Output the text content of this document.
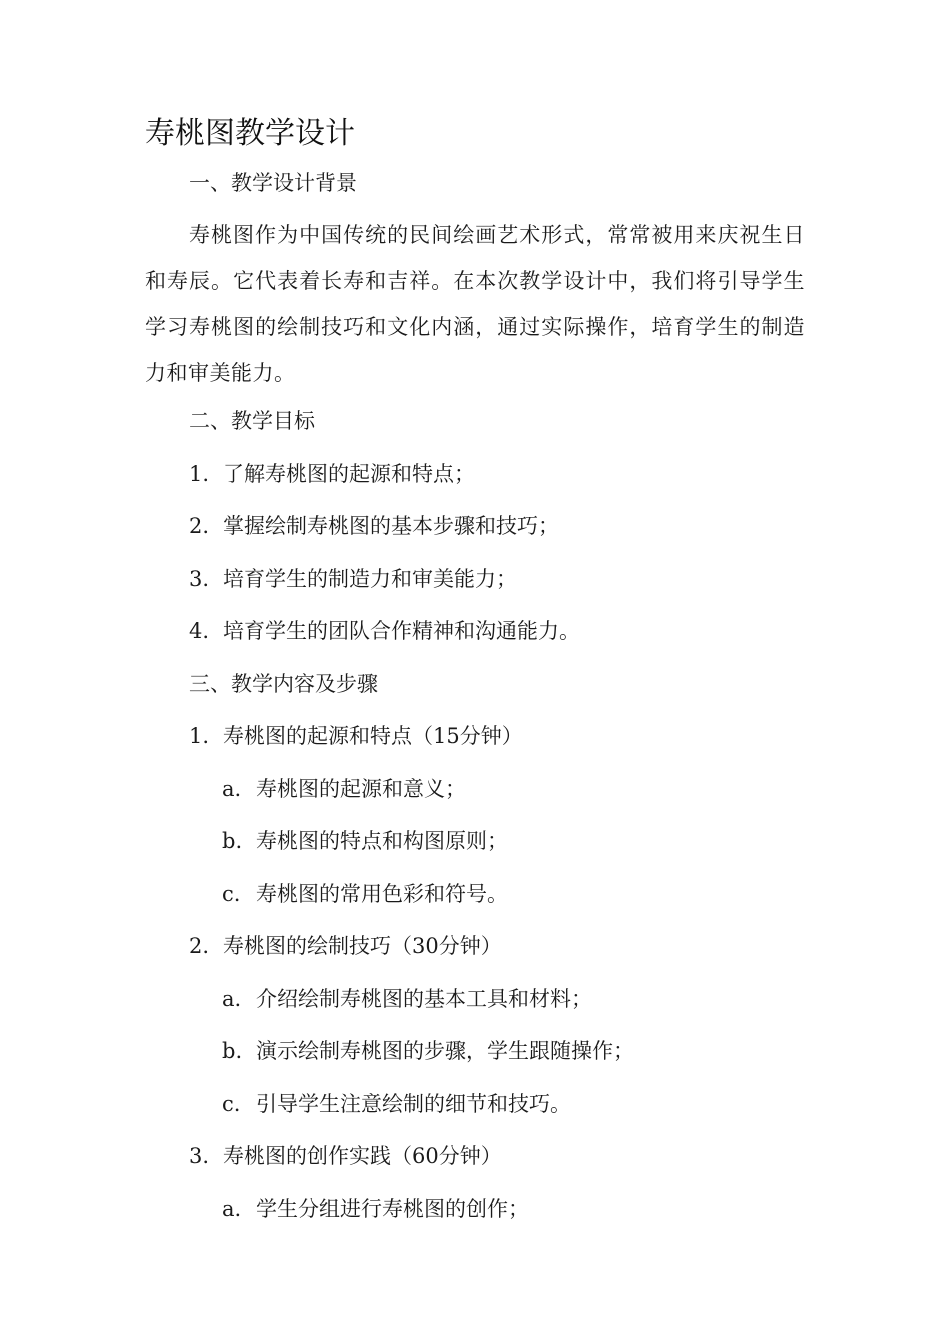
寿桃图教学设计
一、教学设计背景
寿桃图作为中国传统的民间绘画艺术形式，常常被用来庆祝生日和寿辰。它代表着长寿和吉祥。在本次教学设计中，我们将引导学生学习寿桃图的绘制技巧和文化内涵，通过实际操作，培育学生的制造力和审美能力。
二、教学目标
1. 了解寿桃图的起源和特点；
2. 掌握绘制寿桃图的基本步骤和技巧；
3. 培育学生的制造力和审美能力；
4. 培育学生的团队合作精神和沟通能力。
三、教学内容及步骤
1. 寿桃图的起源和特点（15分钟）
a. 寿桃图的起源和意义；
b. 寿桃图的特点和构图原则；
c. 寿桃图的常用色彩和符号。
2. 寿桃图的绘制技巧（30分钟）
a. 介绍绘制寿桃图的基本工具和材料；
b. 演示绘制寿桃图的步骤，学生跟随操作；
c. 引导学生注意绘制的细节和技巧。
3. 寿桃图的创作实践（60分钟）
a. 学生分组进行寿桃图的创作；
